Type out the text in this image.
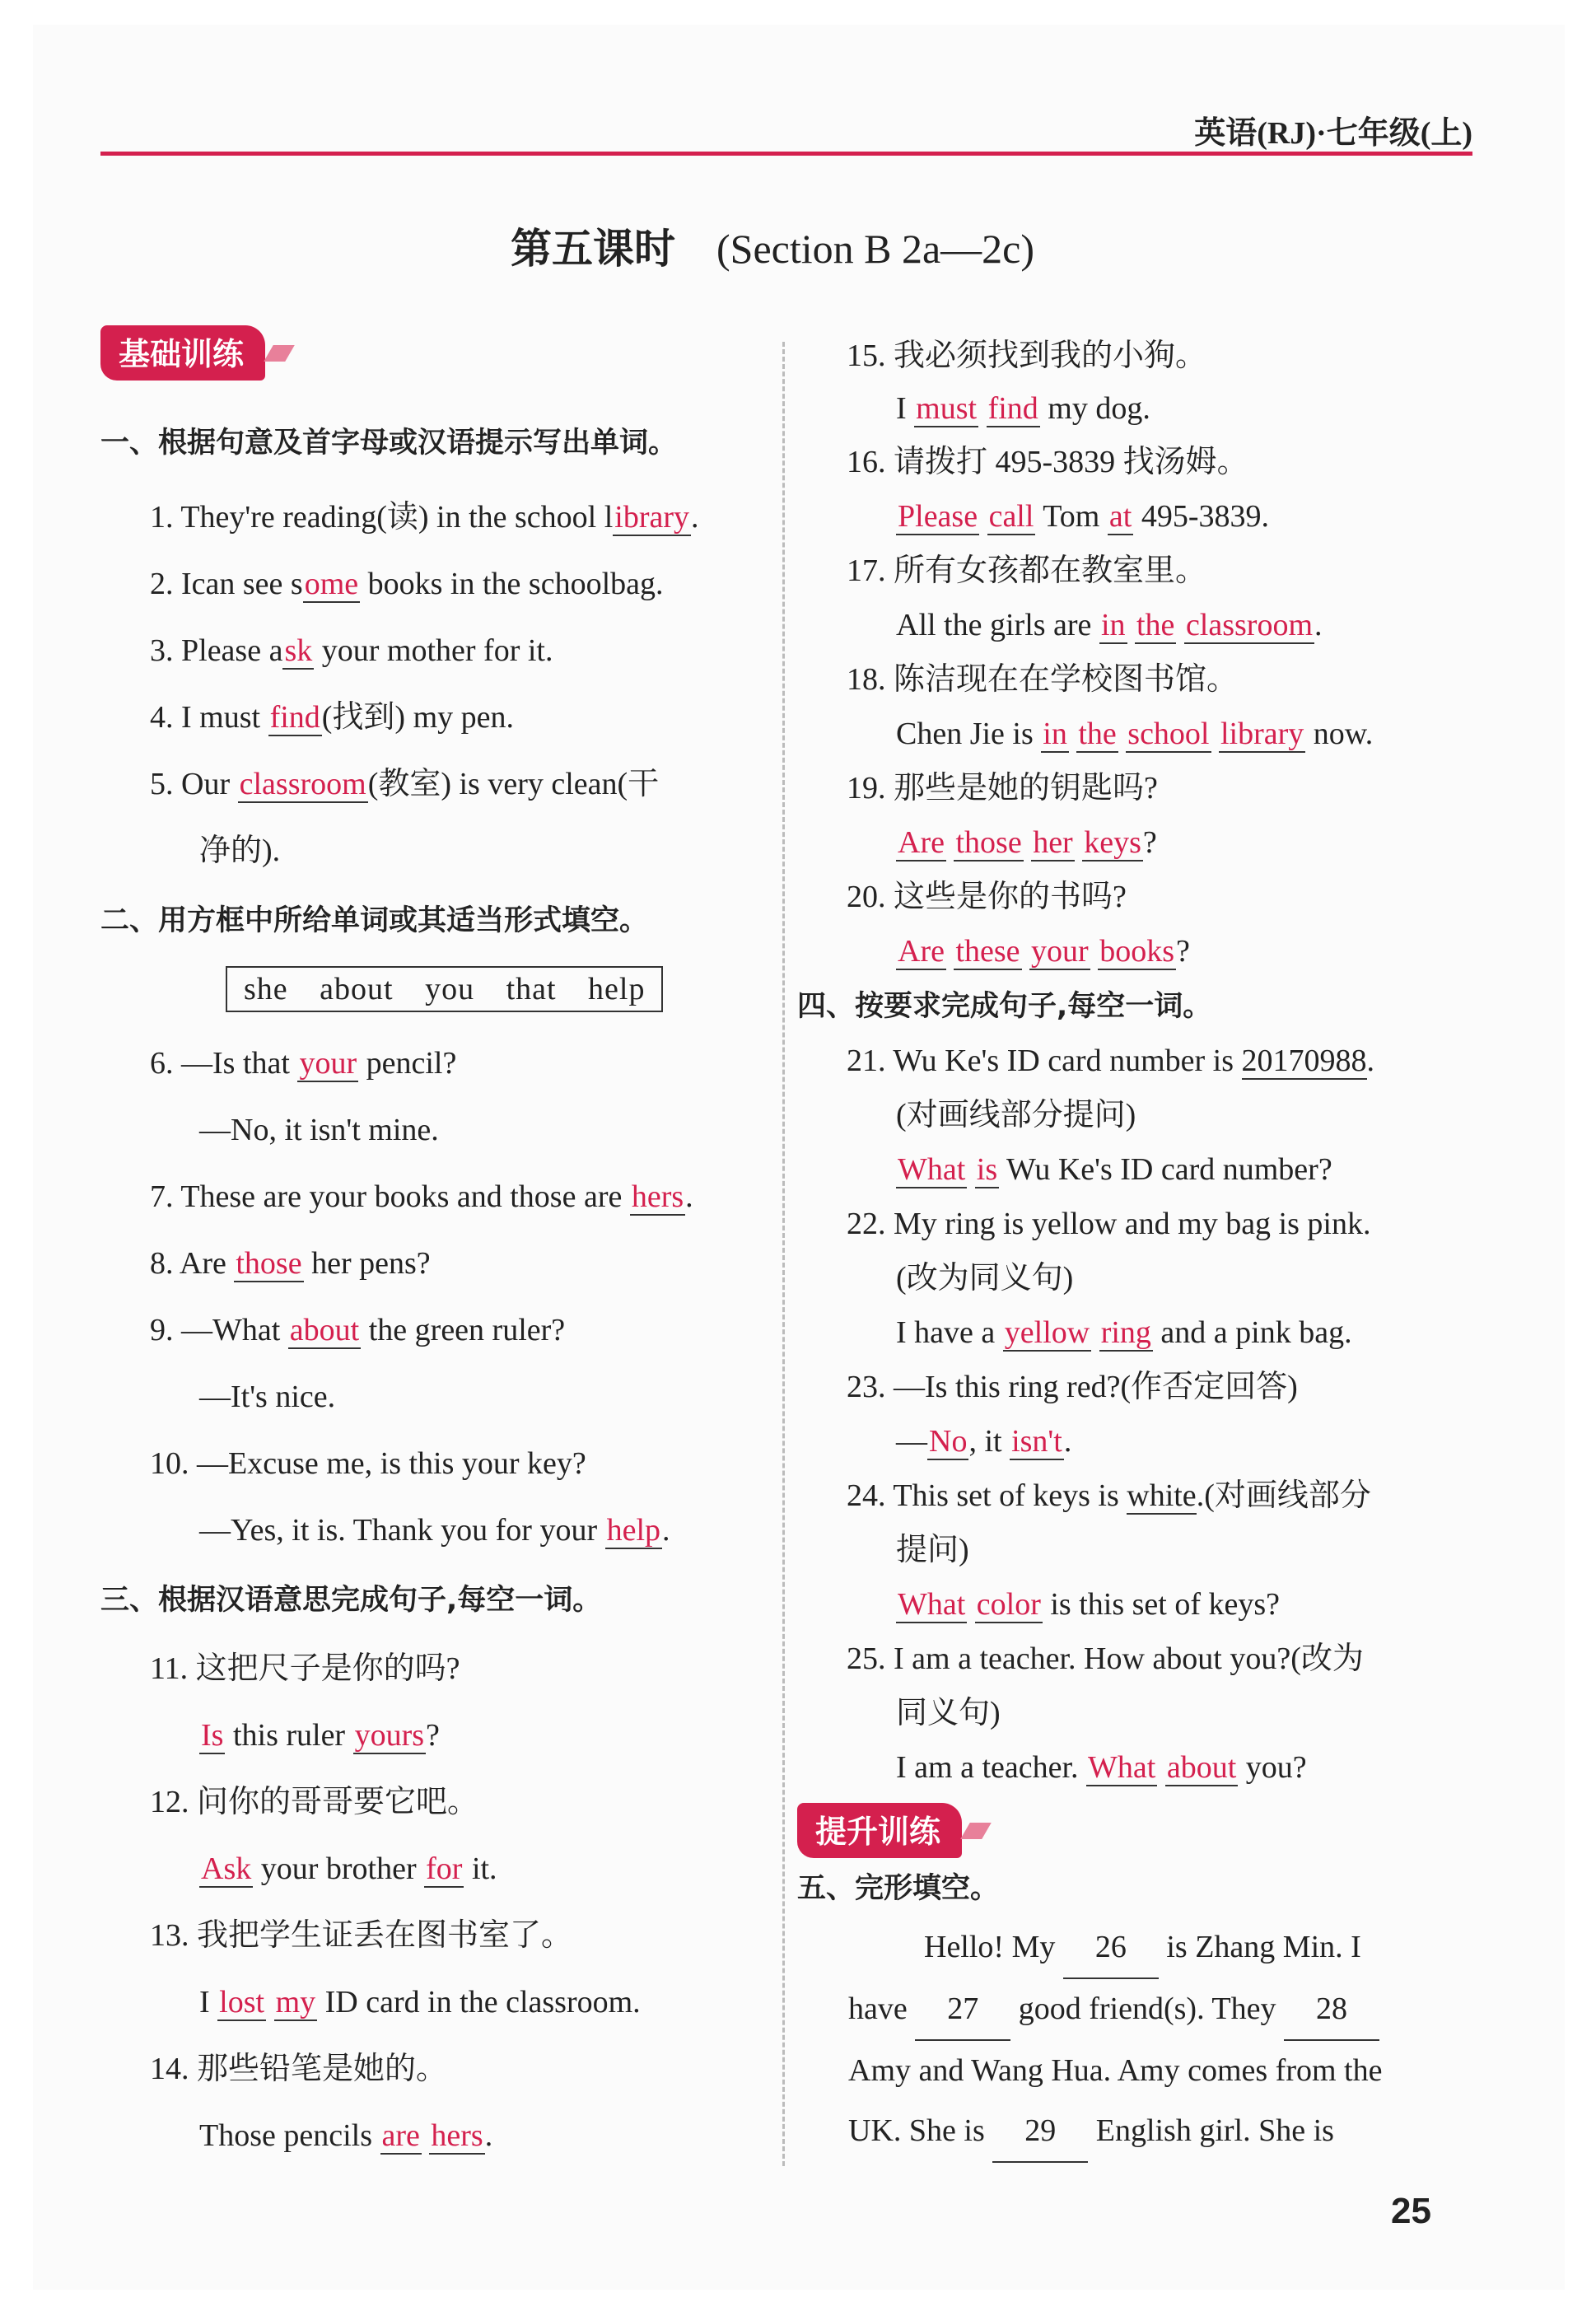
英语(RJ)·七年级(上)
第五课时 (Section B 2a—2c)
基础训练
一、根据句意及首字母或汉语提示写出单词。
1. They're reading(读) in the school library.
2. Ican see some books in the schoolbag.
3. Please ask your mother for it.
4. I must find(找到) my pen.
5. Our classroom(教室) is very clean(干
净的).
二、用方框中所给单词或其适当形式填空。
she about you that help
6. —Is that your pencil?
—No, it isn't mine.
7. These are your books and those are hers.
8. Are those her pens?
9. —What about the green ruler?
—It's nice.
10. —Excuse me, is this your key?
—Yes, it is. Thank you for your help.
三、根据汉语意思完成句子,每空一词。
11. 这把尺子是你的吗?
Is this ruler yours?
12. 问你的哥哥要它吧。
Ask your brother for it.
13. 我把学生证丢在图书室了。
I lost my ID card in the classroom.
14. 那些铅笔是她的。
Those pencils are hers.
15. 我必须找到我的小狗。
I must find my dog.
16. 请拨打 495-3839 找汤姆。
Please call Tom at 495-3839.
17. 所有女孩都在教室里。
All the girls are in the classroom.
18. 陈洁现在在学校图书馆。
Chen Jie is in the school library now.
19. 那些是她的钥匙吗?
Are those her keys?
20. 这些是你的书吗?
Are these your books?
四、按要求完成句子,每空一词。
21. Wu Ke's ID card number is 20170988.
(对画线部分提问)
What is Wu Ke's ID card number?
22. My ring is yellow and my bag is pink.
(改为同义句)
I have a yellow ring and a pink bag.
23. —Is this ring red?(作否定回答)
—No, it isn't.
24. This set of keys is white.(对画线部分
提问)
What color is this set of keys?
25. I am a teacher. How about you?(改为
同义句)
I am a teacher. What about you?
提升训练
五、完形填空。
Hello! My 26 is Zhang Min. I
have 27 good friend(s). They 28
Amy and Wang Hua. Amy comes from the
UK. She is 29 English girl. She is
25
